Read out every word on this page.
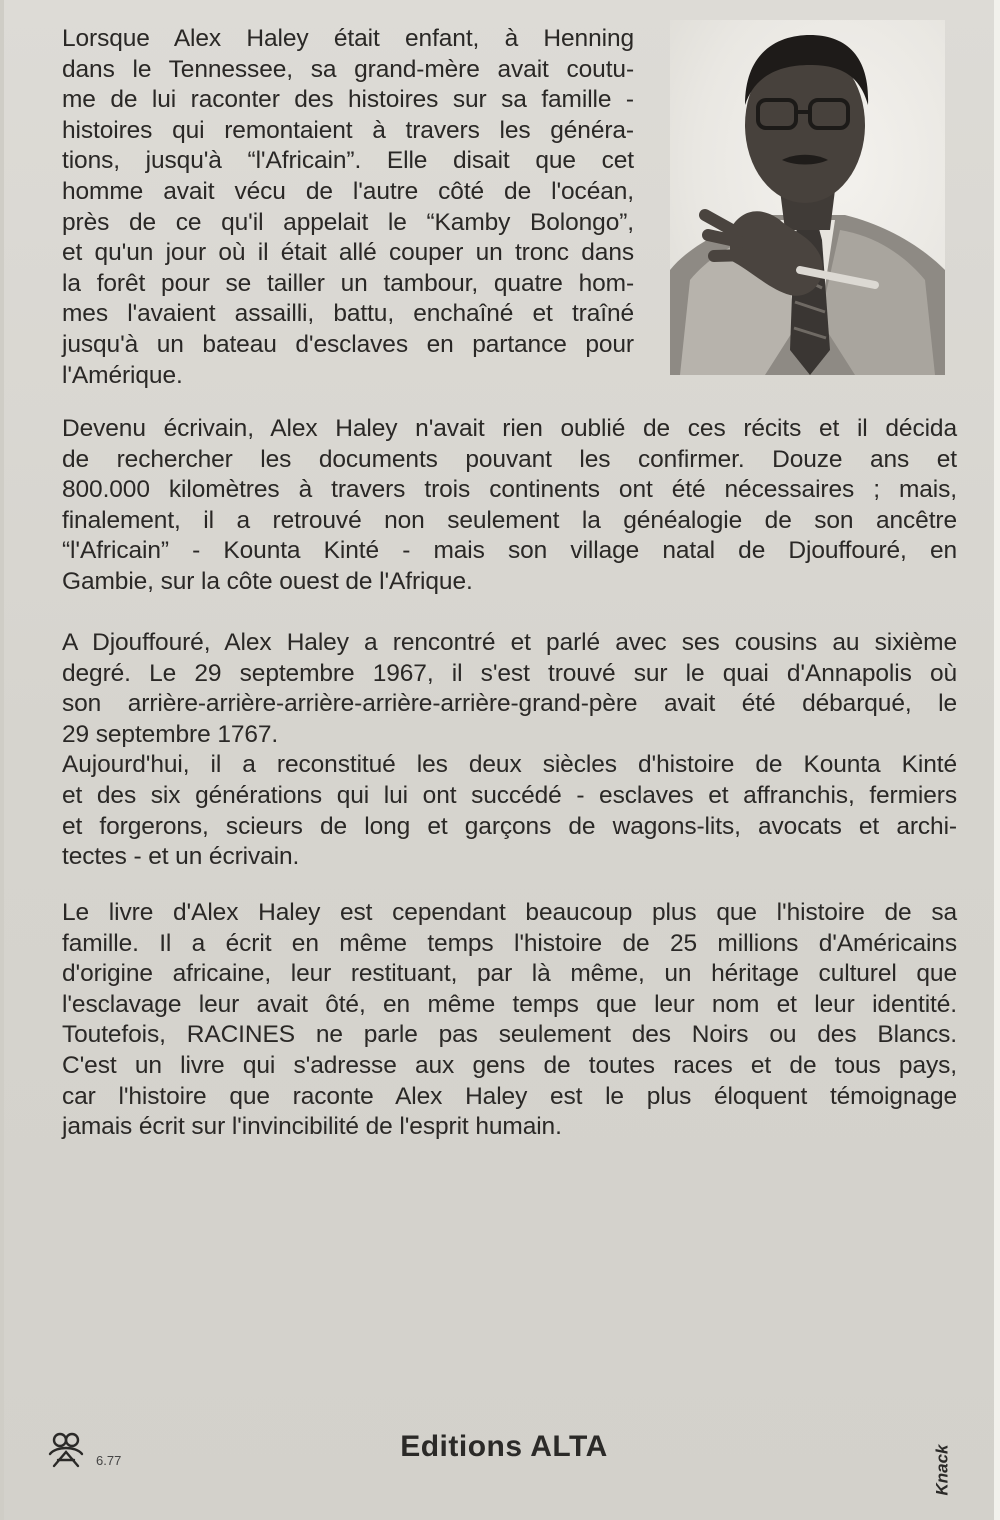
Lorsque Alex Haley était enfant, à Henning
dans le Tennessee, sa grand-mère avait coutu-
me de lui raconter des histoires sur sa famille -
histoires qui remontaient à travers les généra-
tions, jusqu'à “l'Africain”. Elle disait que cet
homme avait vécu de l'autre côté de l'océan,
près de ce qu'il appelait le “Kamby Bolongo”,
et qu'un jour où il était allé couper un tronc dans
la forêt pour se tailler un tambour, quatre hom-
mes l'avaient assailli, battu, enchaîné et traîné
jusqu'à un bateau d'esclaves en partance pour
l'Amérique.

Devenu écrivain, Alex Haley n'avait rien oublié de ces récits et il décida
de rechercher les documents pouvant les confirmer. Douze ans et
800.000 kilomètres à travers trois continents ont été nécessaires ; mais,
finalement, il a retrouvé non seulement la généalogie de son ancêtre
“l'Africain” - Kounta Kinté - mais son village natal de Djouffouré, en
Gambie, sur la côte ouest de l'Afrique.

A Djouffouré, Alex Haley a rencontré et parlé avec ses cousins au sixième
degré. Le 29 septembre 1967, il s'est trouvé sur le quai d'Annapolis où
son arrière-arrière-arrière-arrière-arrière-grand-père avait été débarqué, le
29 septembre 1767.
Aujourd'hui, il a reconstitué les deux siècles d'histoire de Kounta Kinté
et des six générations qui lui ont succédé - esclaves et affranchis, fermiers
et forgerons, scieurs de long et garçons de wagons-lits, avocats et archi-
tectes - et un écrivain.

Le livre d'Alex Haley est cependant beaucoup plus que l'histoire de sa
famille. Il a écrit en même temps l'histoire de 25 millions d'Américains
d'origine africaine, leur restituant, par là même, un héritage culturel que
l'esclavage leur avait ôté, en même temps que leur nom et leur identité.
Toutefois, RACINES ne parle pas seulement des Noirs ou des Blancs.
C'est un livre qui s'adresse aux gens de toutes races et de tous pays,
car l'histoire que raconte Alex Haley est le plus éloquent témoignage
jamais écrit sur l'invincibilité de l'esprit humain.

6.77	Editions ALTA	Knack
